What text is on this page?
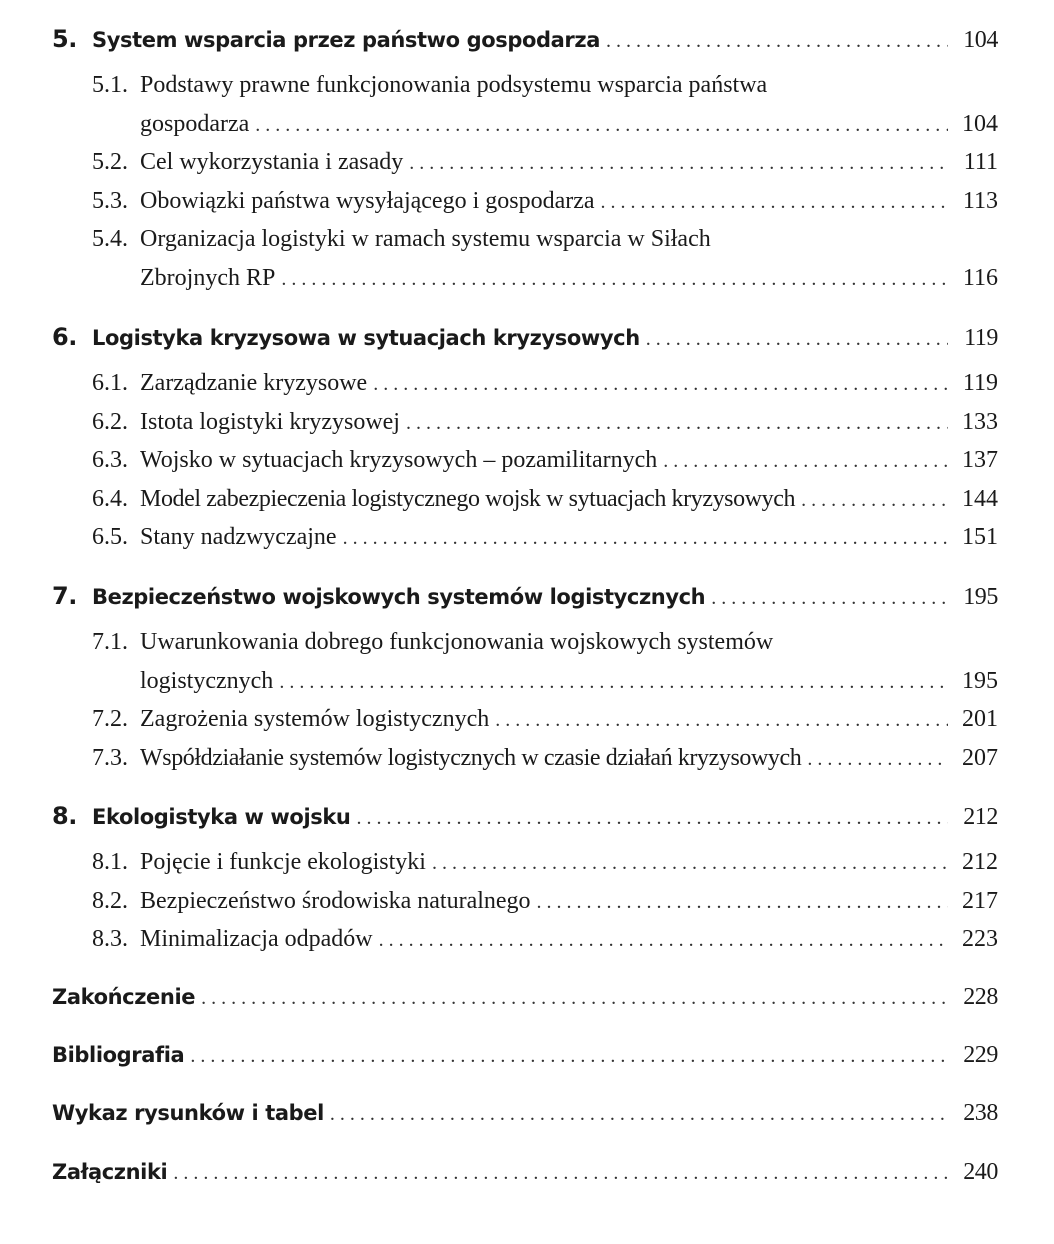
5. System wsparcia przez państwo gospodarza . . .	104
5.1. Podstawy prawne funkcjonowania podsystemu wsparcia państwa
gospodarza . . .	104
5.2. Cel wykorzystania i zasady . . .	111
5.3. Obowiązki państwa wysyłającego i gospodarza . . .	113
5.4. Organizacja logistyki w ramach systemu wsparcia w Siłach
Zbrojnych RP . . .	116
6. Logistyka kryzysowa w sytuacjach kryzysowych . . .	119
6.1. Zarządzanie kryzysowe . . .	119
6.2. Istota logistyki kryzysowej . . .	133
6.3. Wojsko w sytuacjach kryzysowych – pozamilitarnych . . .	137
6.4. Model zabezpieczenia logistycznego wojsk w sytuacjach kryzysowych . . .	144
6.5. Stany nadzwyczajne . . .	151
7. Bezpieczeństwo wojskowych systemów logistycznych . . .	195
7.1. Uwarunkowania dobrego funkcjonowania wojskowych systemów
logistycznych . . .	195
7.2. Zagrożenia systemów logistycznych . . .	201
7.3. Współdziałanie systemów logistycznych w czasie działań kryzysowych . . .	207
8. Ekologistyka w wojsku . . .	212
8.1. Pojęcie i funkcje ekologistyki . . .	212
8.2. Bezpieczeństwo środowiska naturalnego . . .	217
8.3. Minimalizacja odpadów . . .	223
Zakończenie . . .	228
Bibliografia . . .	229
Wykaz rysunków i tabel . . .	238
Załączniki . . .	240
